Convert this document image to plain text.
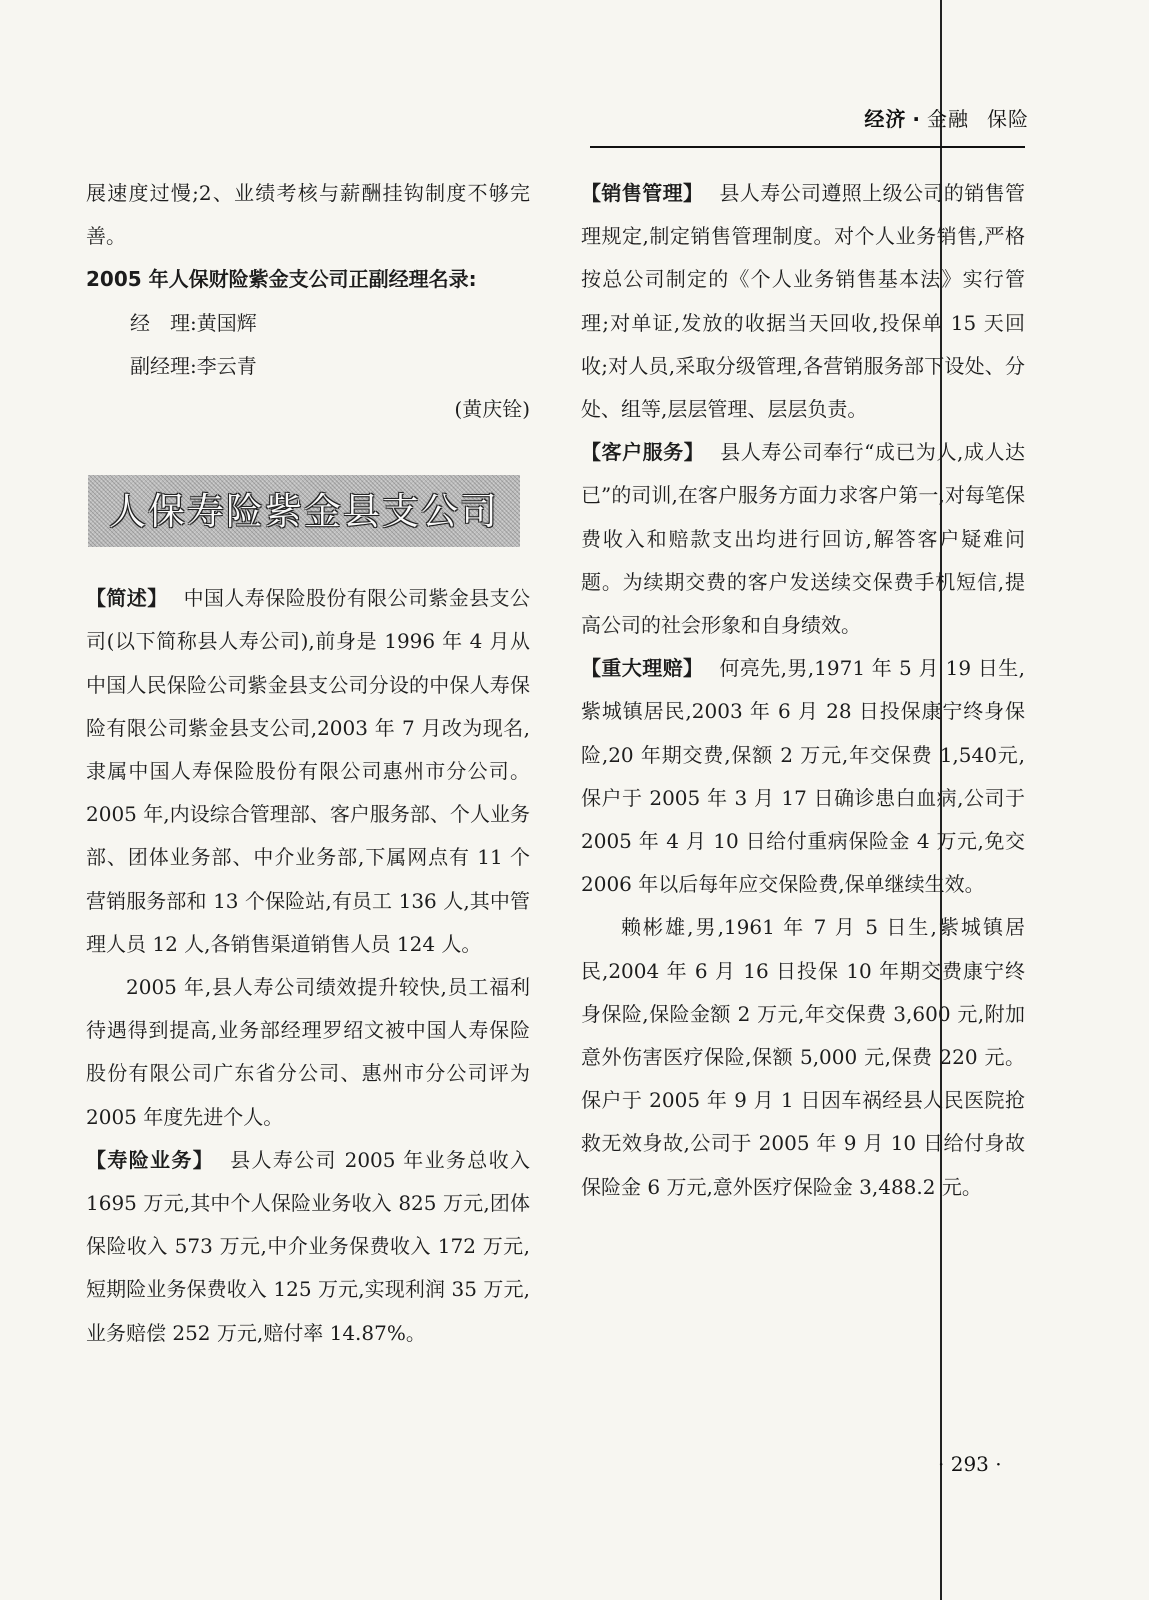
经济 · 金融 保险

展速度过慢;2、业绩考核与薪酬挂钩制度不够完善。

2005 年人保财险紫金支公司正副经理名录:

经　理:黄国辉

副经理:李云青

(黄庆铨)

人保寿险紫金县支公司

【简述】 中国人寿保险股份有限公司紫金县支公司(以下简称县人寿公司),前身是 1996 年 4 月从中国人民保险公司紫金县支公司分设的中保人寿保险有限公司紫金县支公司,2003 年 7 月改为现名,隶属中国人寿保险股份有限公司惠州市分公司。2005 年,内设综合管理部、客户服务部、个人业务部、团体业务部、中介业务部,下属网点有 11 个营销服务部和 13 个保险站,有员工 136 人,其中管理人员 12 人,各销售渠道销售人员 124 人。

2005 年,县人寿公司绩效提升较快,员工福利待遇得到提高,业务部经理罗绍文被中国人寿保险股份有限公司广东省分公司、惠州市分公司评为 2005 年度先进个人。

【寿险业务】 县人寿公司 2005 年业务总收入 1695 万元,其中个人保险业务收入 825 万元,团体保险收入 573 万元,中介业务保费收入 172 万元,短期险业务保费收入 125 万元,实现利润 35 万元,业务赔偿 252 万元,赔付率 14.87%。

【销售管理】 县人寿公司遵照上级公司的销售管理规定,制定销售管理制度。对个人业务销售,严格按总公司制定的《个人业务销售基本法》实行管理;对单证,发放的收据当天回收,投保单 15 天回收;对人员,采取分级管理,各营销服务部下设处、分处、组等,层层管理、层层负责。

【客户服务】 县人寿公司奉行“成已为人,成人达已”的司训,在客户服务方面力求客户第一,对每笔保费收入和赔款支出均进行回访,解答客户疑难问题。为续期交费的客户发送续交保费手机短信,提高公司的社会形象和自身绩效。

【重大理赔】 何亮先,男,1971 年 5 月 19 日生,紫城镇居民,2003 年 6 月 28 日投保康宁终身保险,20 年期交费,保额 2 万元,年交保费 1,540元,保户于 2005 年 3 月 17 日确诊患白血病,公司于 2005 年 4 月 10 日给付重病保险金 4 万元,免交 2006 年以后每年应交保险费,保单继续生效。

赖彬雄,男,1961 年 7 月 5 日生,紫城镇居民,2004 年 6 月 16 日投保 10 年期交费康宁终身保险,保险金额 2 万元,年交保费 3,600 元,附加意外伤害医疗保险,保额 5,000 元,保费 220 元。保户于 2005 年 9 月 1 日因车祸经县人民医院抢救无效身故,公司于 2005 年 9 月 10 日给付身故保险金 6 万元,意外医疗保险金 3,488.2 元。

· 293 ·
